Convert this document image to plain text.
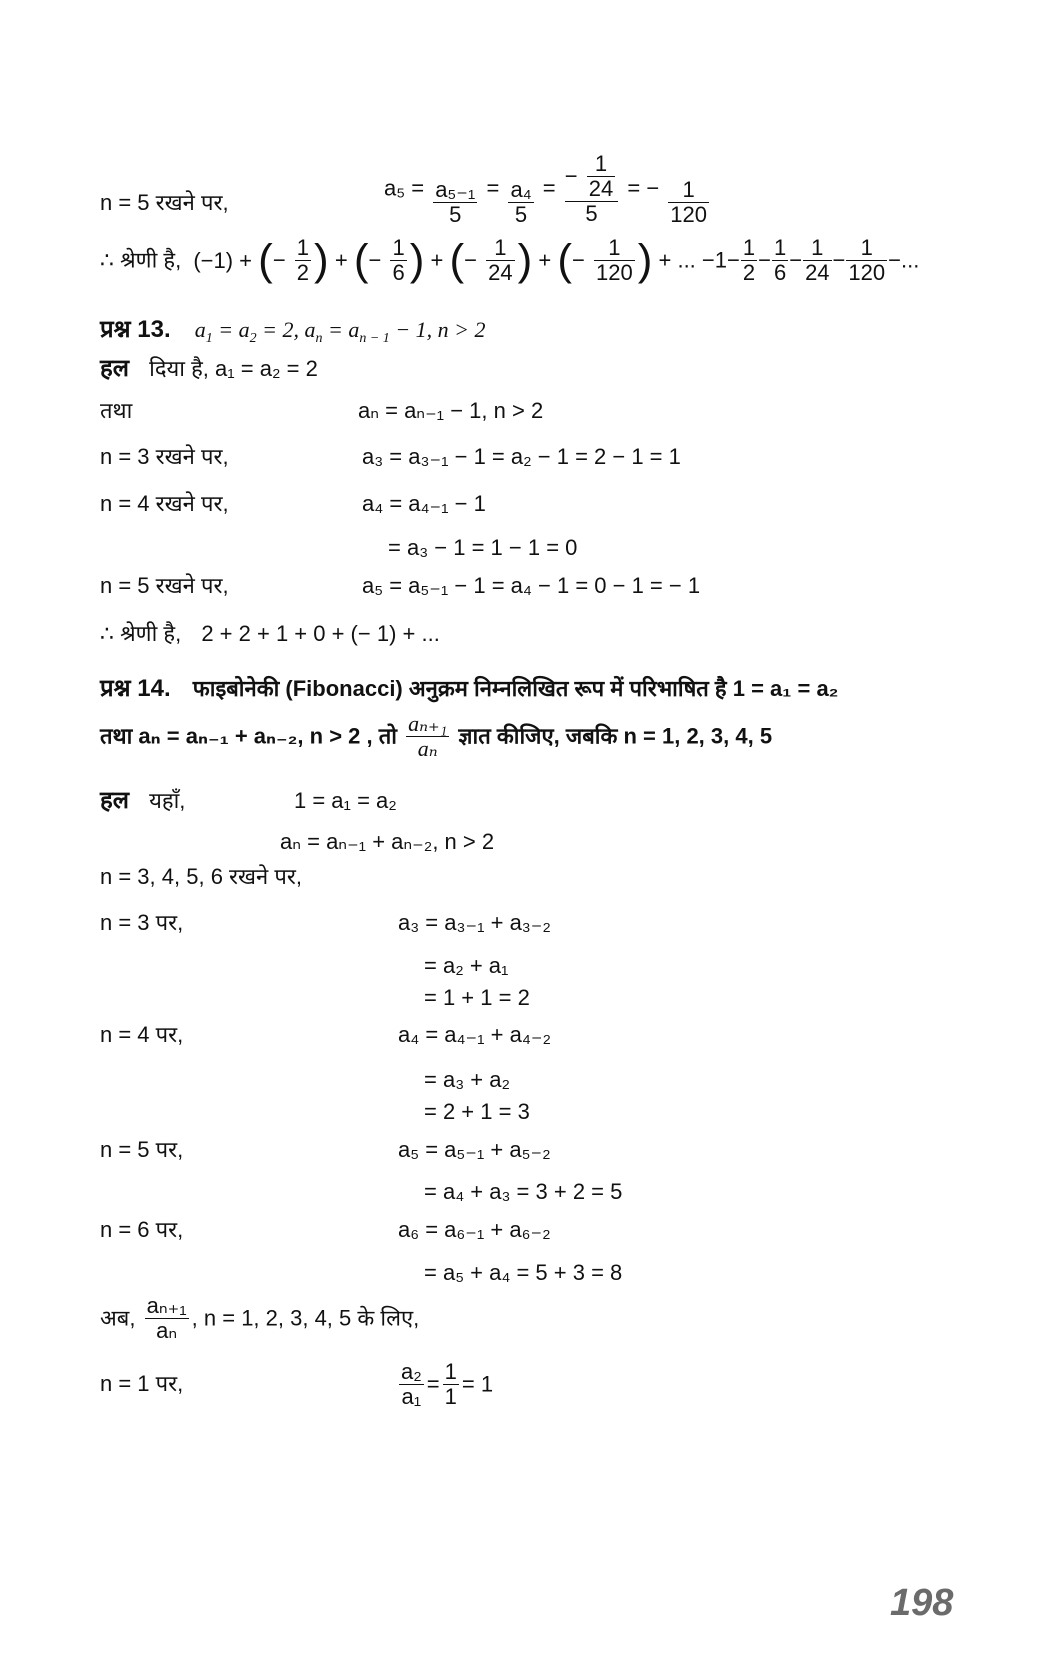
n = 5 रखने पर,
$a_5 = \frac{\text{a₅₋₁}}{5} = \frac{\text{a₄}}{5} = \frac{- \frac{1}{24}}{5}$ = − $\frac{1}{120}$
∴ श्रेणी है, (−1) + (− $\frac{1}{2}$ ) + (− $\frac{1}{6}$ ) + (− $\frac{1}{24}$ ) + (− $\frac{1}{120}$ ) + ... $-1- \frac{1}{2} - \frac{1}{6} - \frac{1}{24} - \frac{1}{120}$ −...
प्रश्न 13. $a_1 = a_2 = 2$, $a_n = a_{n - 1} - 1$, n > 2
हल दिया है, a₁ = a₂ = 2
तथा	aₙ = aₙ₋₁ − 1, n > 2
n = 3 रखने पर,	a₃ = a₃₋₁ − 1 = a₂ − 1 = 2 − 1 = 1
n = 4 रखने पर,	a₄ = a₄₋₁ − 1
= a₃ − 1 = 1 − 1 = 0
n = 5 रखने पर,	a₅ = a₅₋₁ − 1 = a₄ − 1 = 0 − 1 = − 1
∴ श्रेणी है, 2 + 2 + 1 + 0 + (− 1) + ...
प्रश्न 14. फाइबोनेकी (Fibonacci) अनुक्रम निम्नलिखित रूप में परिभाषित है 1 = a₁ = a₂
तथा aₙ = aₙ₋₁ + aₙ₋₂, n > 2 , तो $\frac{\text{aₙ₊₁}}{\text{aₙ}}$ ज्ञात कीजिए, जबकि n = 1, 2, 3, 4, 5
हल यहाँ,	1 = a₁ = a₂
aₙ = aₙ₋₁ + aₙ₋₂, n > 2
n = 3, 4, 5, 6 रखने पर,
n = 3 पर,	a₃ = a₃₋₁ + a₃₋₂
= a₂ + a₁
= 1 + 1 = 2
n = 4 पर,	a₄ = a₄₋₁ + a₄₋₂
= a₃ + a₂
= 2 + 1 = 3
n = 5 पर,	a₅ = a₅₋₁ + a₅₋₂
= a₄ + a₃ = 3 + 2 = 5
n = 6 पर,	a₆ = a₆₋₁ + a₆₋₂
= a₅ + a₄ = 5 + 3 = 8
अब, $\frac{\text{aₙ₊₁}}{\text{aₙ}}$ , n = 1, 2, 3, 4, 5 के लिए,
n = 1 पर,	$\frac{\text{a₂}}{\text{a₁}} = \frac{1}{1} = 1$
198
